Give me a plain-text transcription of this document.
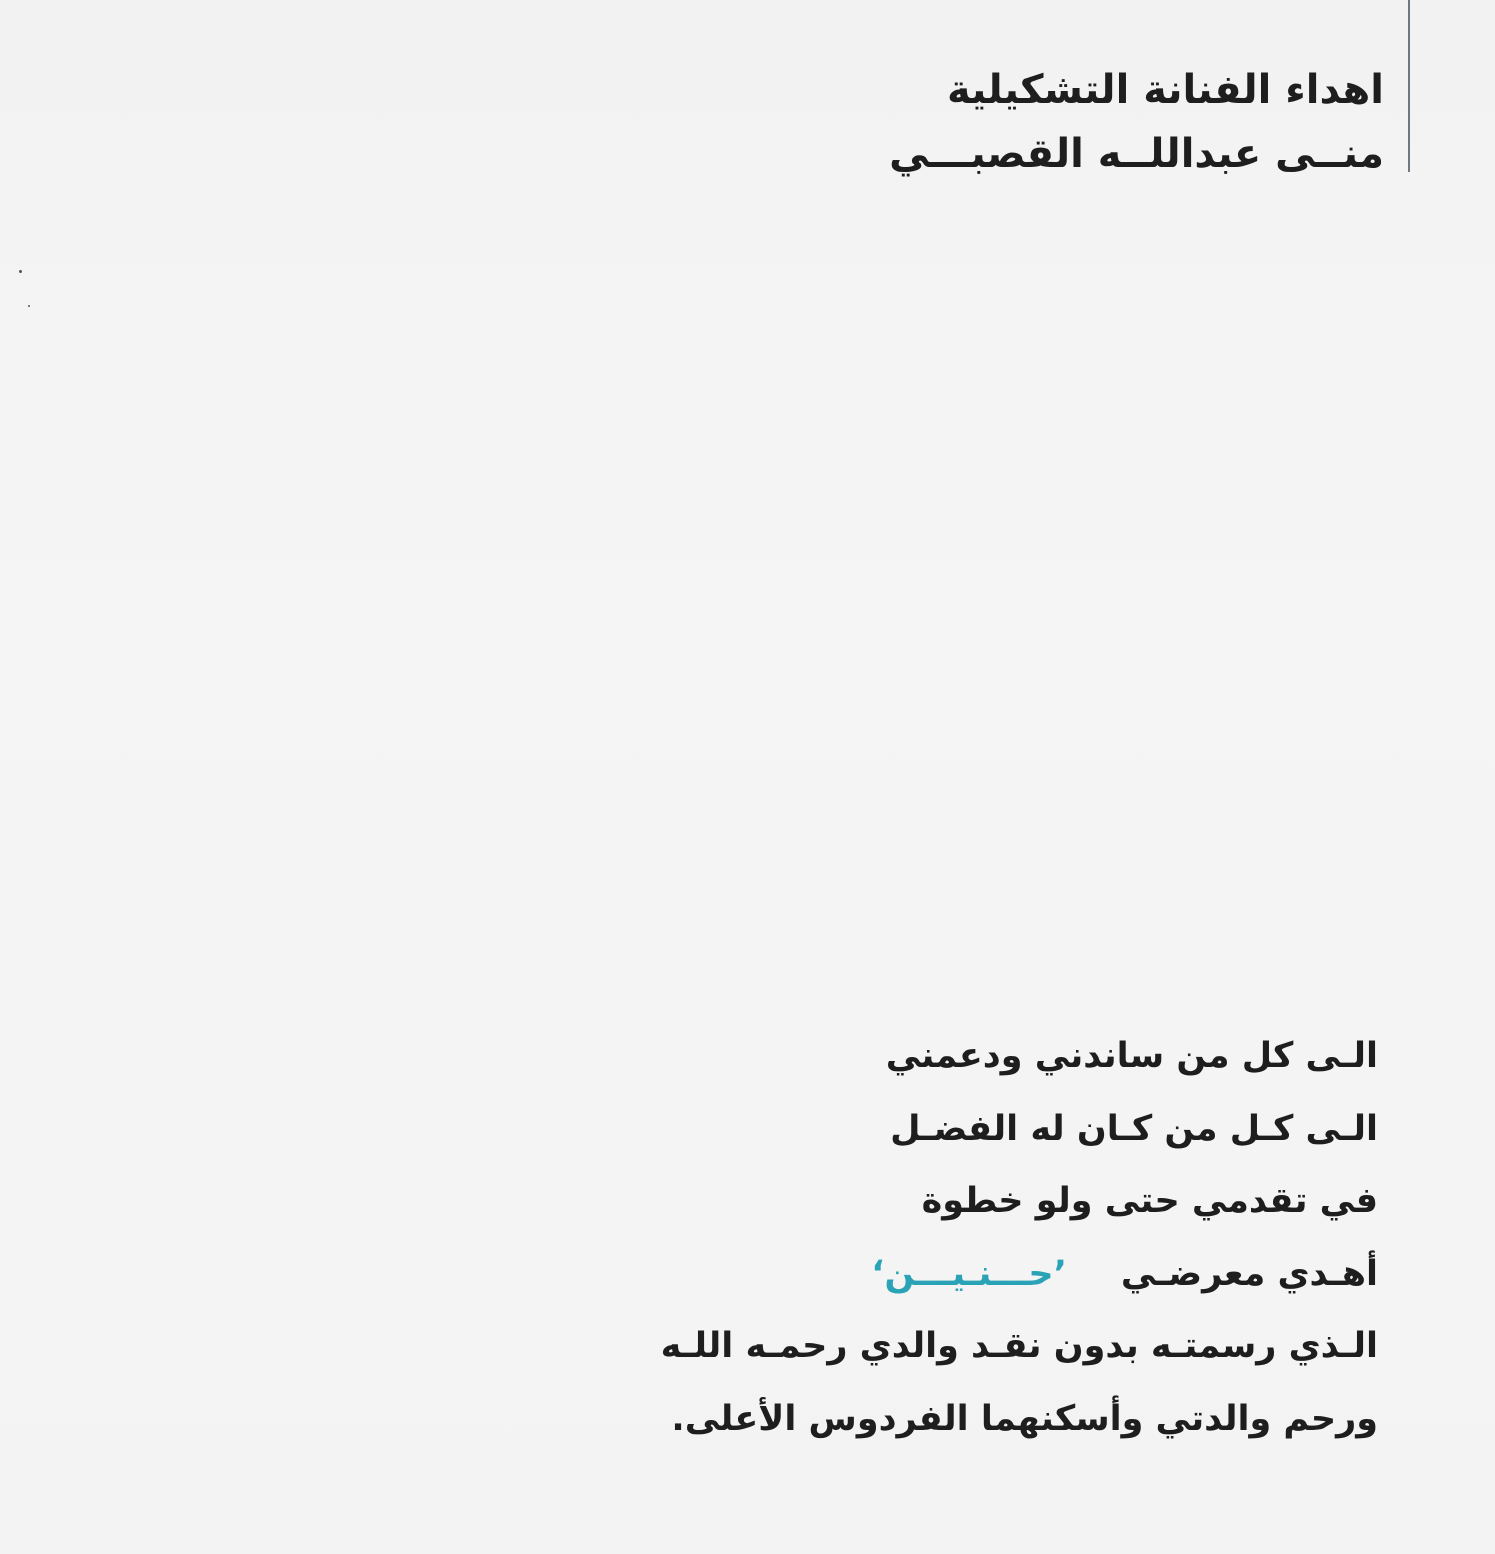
اهداء الفنانة التشكيلية
منــى عبداللــه القصبـــي
الـى كل من ساندني ودعمني
الـى كـل من كـان له الفضـل
في تقدمي حتى ولو خطوة
أهـدي معرضـي’حـــنـيـــن‘
الـذي رسمتـه بدون نقـد والدي رحمـه اللـه
ورحم والدتي وأسكنهما الفردوس الأعلى.
